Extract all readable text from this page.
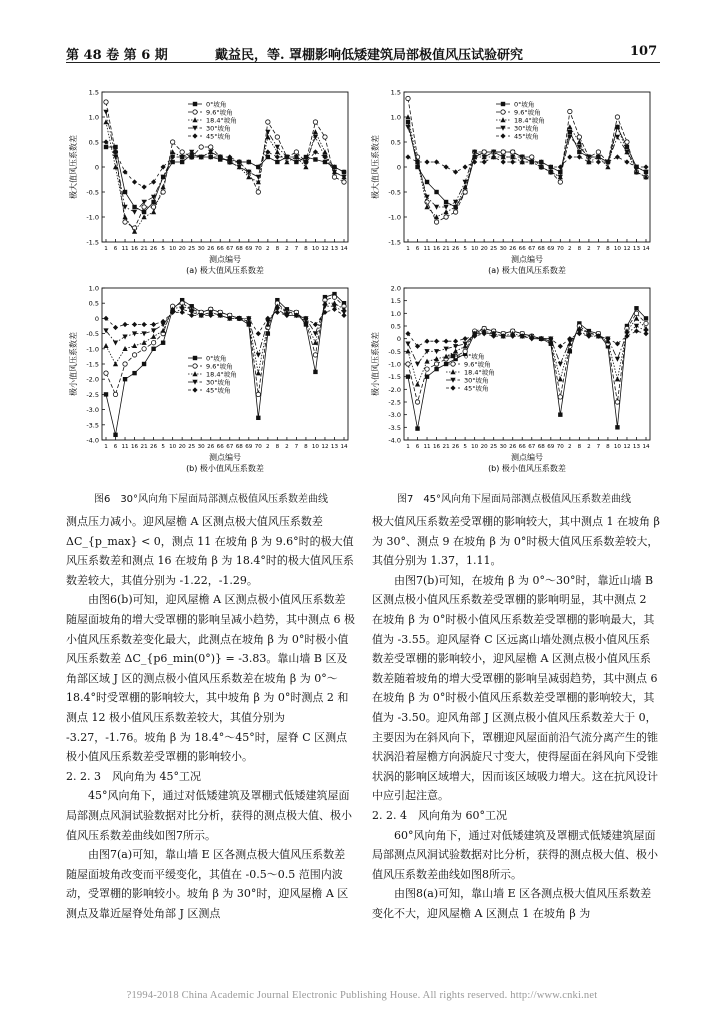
第 48 卷 第 6 期	戴益民，等. 罩棚影响低矮建筑局部极值风压试验研究	107
1.5
1.0
0.5
0
-0.5
-1.0
-1.5
1 6 11 16 21 26 5 10 20 25 30 26 66 67 68 69 70 2 8 2 7 8 10 12 13 14
测点编号
极大值风压系数差
(a) 极大值风压系数差
0°坡角
9.6°坡角
18.4°坡角
30°坡角
45°坡角
1.5
1.0
0.5
0
-0.5
-1.0
-1.5
1 6 11 16 21 26 5 10 20 25 30 26 66 67 68 69 70 2 8 2 7 8 10 12 13 14
测点编号
极大值风压系数差
(a) 极大值风压系数差
0°坡角
9.6°坡角
18.4°坡角
30°坡角
45°坡角
1.0
0.5
0
-0.5
-1.0
-1.5
-2.0
-2.5
-3.0
-3.5
-4.0
1 6 11 16 21 26 5 10 20 25 30 26 66 67 68 69 70 2 8 2 7 8 10 12 13 14
测点编号
极小值风压系数差
(b) 极小值风压系数差
0°坡角
9.6°坡角
18.4°坡角
30°坡角
45°坡角
2.0
1.5
1.0
0.5
0
-0.5
-1.0
-1.5
-2.0
-2.5
-3.0
-3.5
-4.0
1 6 11 16 21 26 5 10 20 25 30 26 66 67 68 69 70 2 8 2 7 8 10 12 13 14
测点编号
极小值风压系数差
(b) 极小值风压系数差
0°坡角
9.6°坡角
18.4°坡角
30°坡角
45°坡角
图6　30°风向角下屋面局部测点极值风压系数差曲线	图7　45°风向角下屋面局部测点极值风压系数差曲线

测点压力减小。迎风屋檐 A 区测点极大值风压系数差 ΔC_{p_max} < 0，测点 11 在坡角 β 为 9.6°时的极大值风压系数差和测点 16 在坡角 β 为 18.4°时的极大值风压系数差较大，其值分别为 -1.22，-1.29。

由图6(b)可知，迎风屋檐 A 区测点极小值风压系数差随屋面坡角的增大受罩棚的影响呈减小趋势，其中测点 6 极小值风压系数差变化最大，此测点在坡角 β 为 0°时极小值风压系数差 ΔC_{p6_min(0°)} = -3.83。靠山墙 B 区及角部区域 J 区的测点极小值风压系数差在坡角 β 为 0°～18.4°时受罩棚的影响较大，其中坡角 β 为 0°时测点 2 和测点 12 极小值风压系数差较大，其值分别为 -3.27，-1.76。坡角 β 为 18.4°～45°时，屋脊 C 区测点极小值风压系数差受罩棚的影响较小。

2. 2. 3　风向角为 45°工况

45°风向角下，通过对低矮建筑及罩棚式低矮建筑屋面局部测点风洞试验数据对比分析，获得的测点极大值、极小值风压系数差曲线如图7所示。

由图7(a)可知，靠山墙 E 区各测点极大值风压系数差随屋面坡角改变而平缓变化，其值在 -0.5～0.5 范围内波动，受罩棚的影响较小。坡角 β 为 30°时，迎风屋檐 A 区测点及靠近屋脊处角部 J 区测点

极大值风压系数差受罩棚的影响较大，其中测点 1 在坡角 β 为 30°、测点 9 在坡角 β 为 0°时极大值风压系数差较大，其值分别为 1.37，1.11。

由图7(b)可知，在坡角 β 为 0°～30°时，靠近山墙 B 区测点极小值风压系数差受罩棚的影响明显，其中测点 2 在坡角 β 为 0°时极小值风压系数差受罩棚的影响最大，其值为 -3.55。迎风屋脊 C 区远离山墙处测点极小值风压系数差受罩棚的影响较小，迎风屋檐 A 区测点极小值风压系数差随着坡角的增大受罩棚的影响呈减弱趋势，其中测点 6 在坡角 β 为 0°时极小值风压系数差受罩棚的影响较大，其值为 -3.50。迎风角部 J 区测点极小值风压系数差大于 0，主要因为在斜风向下，罩棚迎风屋面前沿气流分离产生的锥状涡沿着屋檐方向涡旋尺寸变大，使得屋面在斜风向下受锥状涡的影响区域增大，因而该区域吸力增大。这在抗风设计中应引起注意。

2. 2. 4　风向角为 60°工况

60°风向角下，通过对低矮建筑及罩棚式低矮建筑屋面局部测点风洞试验数据对比分析，获得的测点极大值、极小值风压系数差曲线如图8所示。

由图8(a)可知，靠山墙 E 区各测点极大值风压系数差变化不大，迎风屋檐 A 区测点 1 在坡角 β 为

?1994-2018 China Academic Journal Electronic Publishing House. All rights reserved. http://www.cnki.net
